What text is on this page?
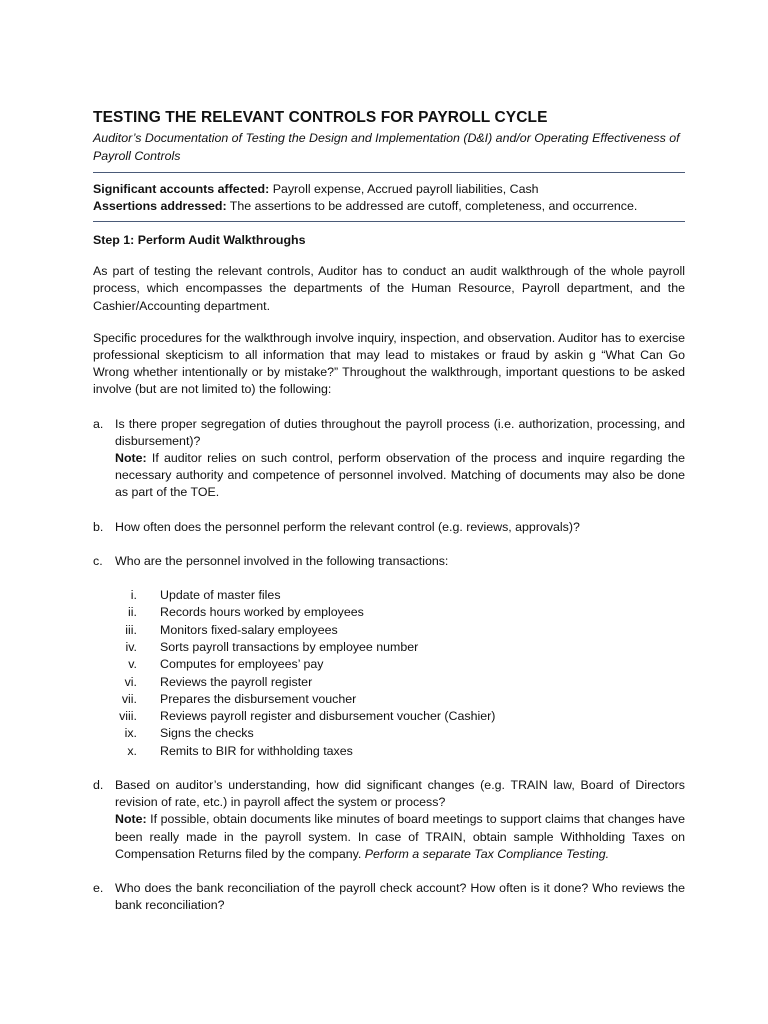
TESTING THE RELEVANT CONTROLS FOR PAYROLL CYCLE
Auditor’s Documentation of Testing the Design and Implementation (D&I) and/or Operating Effectiveness of Payroll Controls
Significant accounts affected: Payroll expense, Accrued payroll liabilities, Cash
Assertions addressed: The assertions to be addressed are cutoff, completeness, and occurrence.

Step 1: Perform Audit Walkthroughs

As part of testing the relevant controls, Auditor has to conduct an audit walkthrough of the whole payroll process, which encompasses the departments of the Human Resource, Payroll department, and the Cashier/Accounting department.

Specific procedures for the walkthrough involve inquiry, inspection, and observation. Auditor has to exercise professional skepticism to all information that may lead to mistakes or fraud by askin g “What Can Go Wrong whether intentionally or by mistake?” Throughout the walkthrough, important questions to be asked involve (but are not limited to) the following:

a. Is there proper segregation of duties throughout the payroll process (i.e. authorization, processing, and disbursement)?
Note: If auditor relies on such control, perform observation of the process and inquire regarding the necessary authority and competence of personnel involved. Matching of documents may also be done as part of the TOE.
b. How often does the personnel perform the relevant control (e.g. reviews, approvals)?
c. Who are the personnel involved in the following transactions:
i. Update of master files
ii. Records hours worked by employees
iii. Monitors fixed-salary employees
iv. Sorts payroll transactions by employee number
v. Computes for employees’ pay
vi. Reviews the payroll register
vii. Prepares the disbursement voucher
viii. Reviews payroll register and disbursement voucher (Cashier)
ix. Signs the checks
x. Remits to BIR for withholding taxes
d. Based on auditor’s understanding, how did significant changes (e.g. TRAIN law, Board of Directors revision of rate, etc.) in payroll affect the system or process?
Note: If possible, obtain documents like minutes of board meetings to support claims that changes have been really made in the payroll system. In case of TRAIN, obtain sample Withholding Taxes on Compensation Returns filed by the company. Perform a separate Tax Compliance Testing.
e. Who does the bank reconciliation of the payroll check account? How often is it done? Who reviews the bank reconciliation?
